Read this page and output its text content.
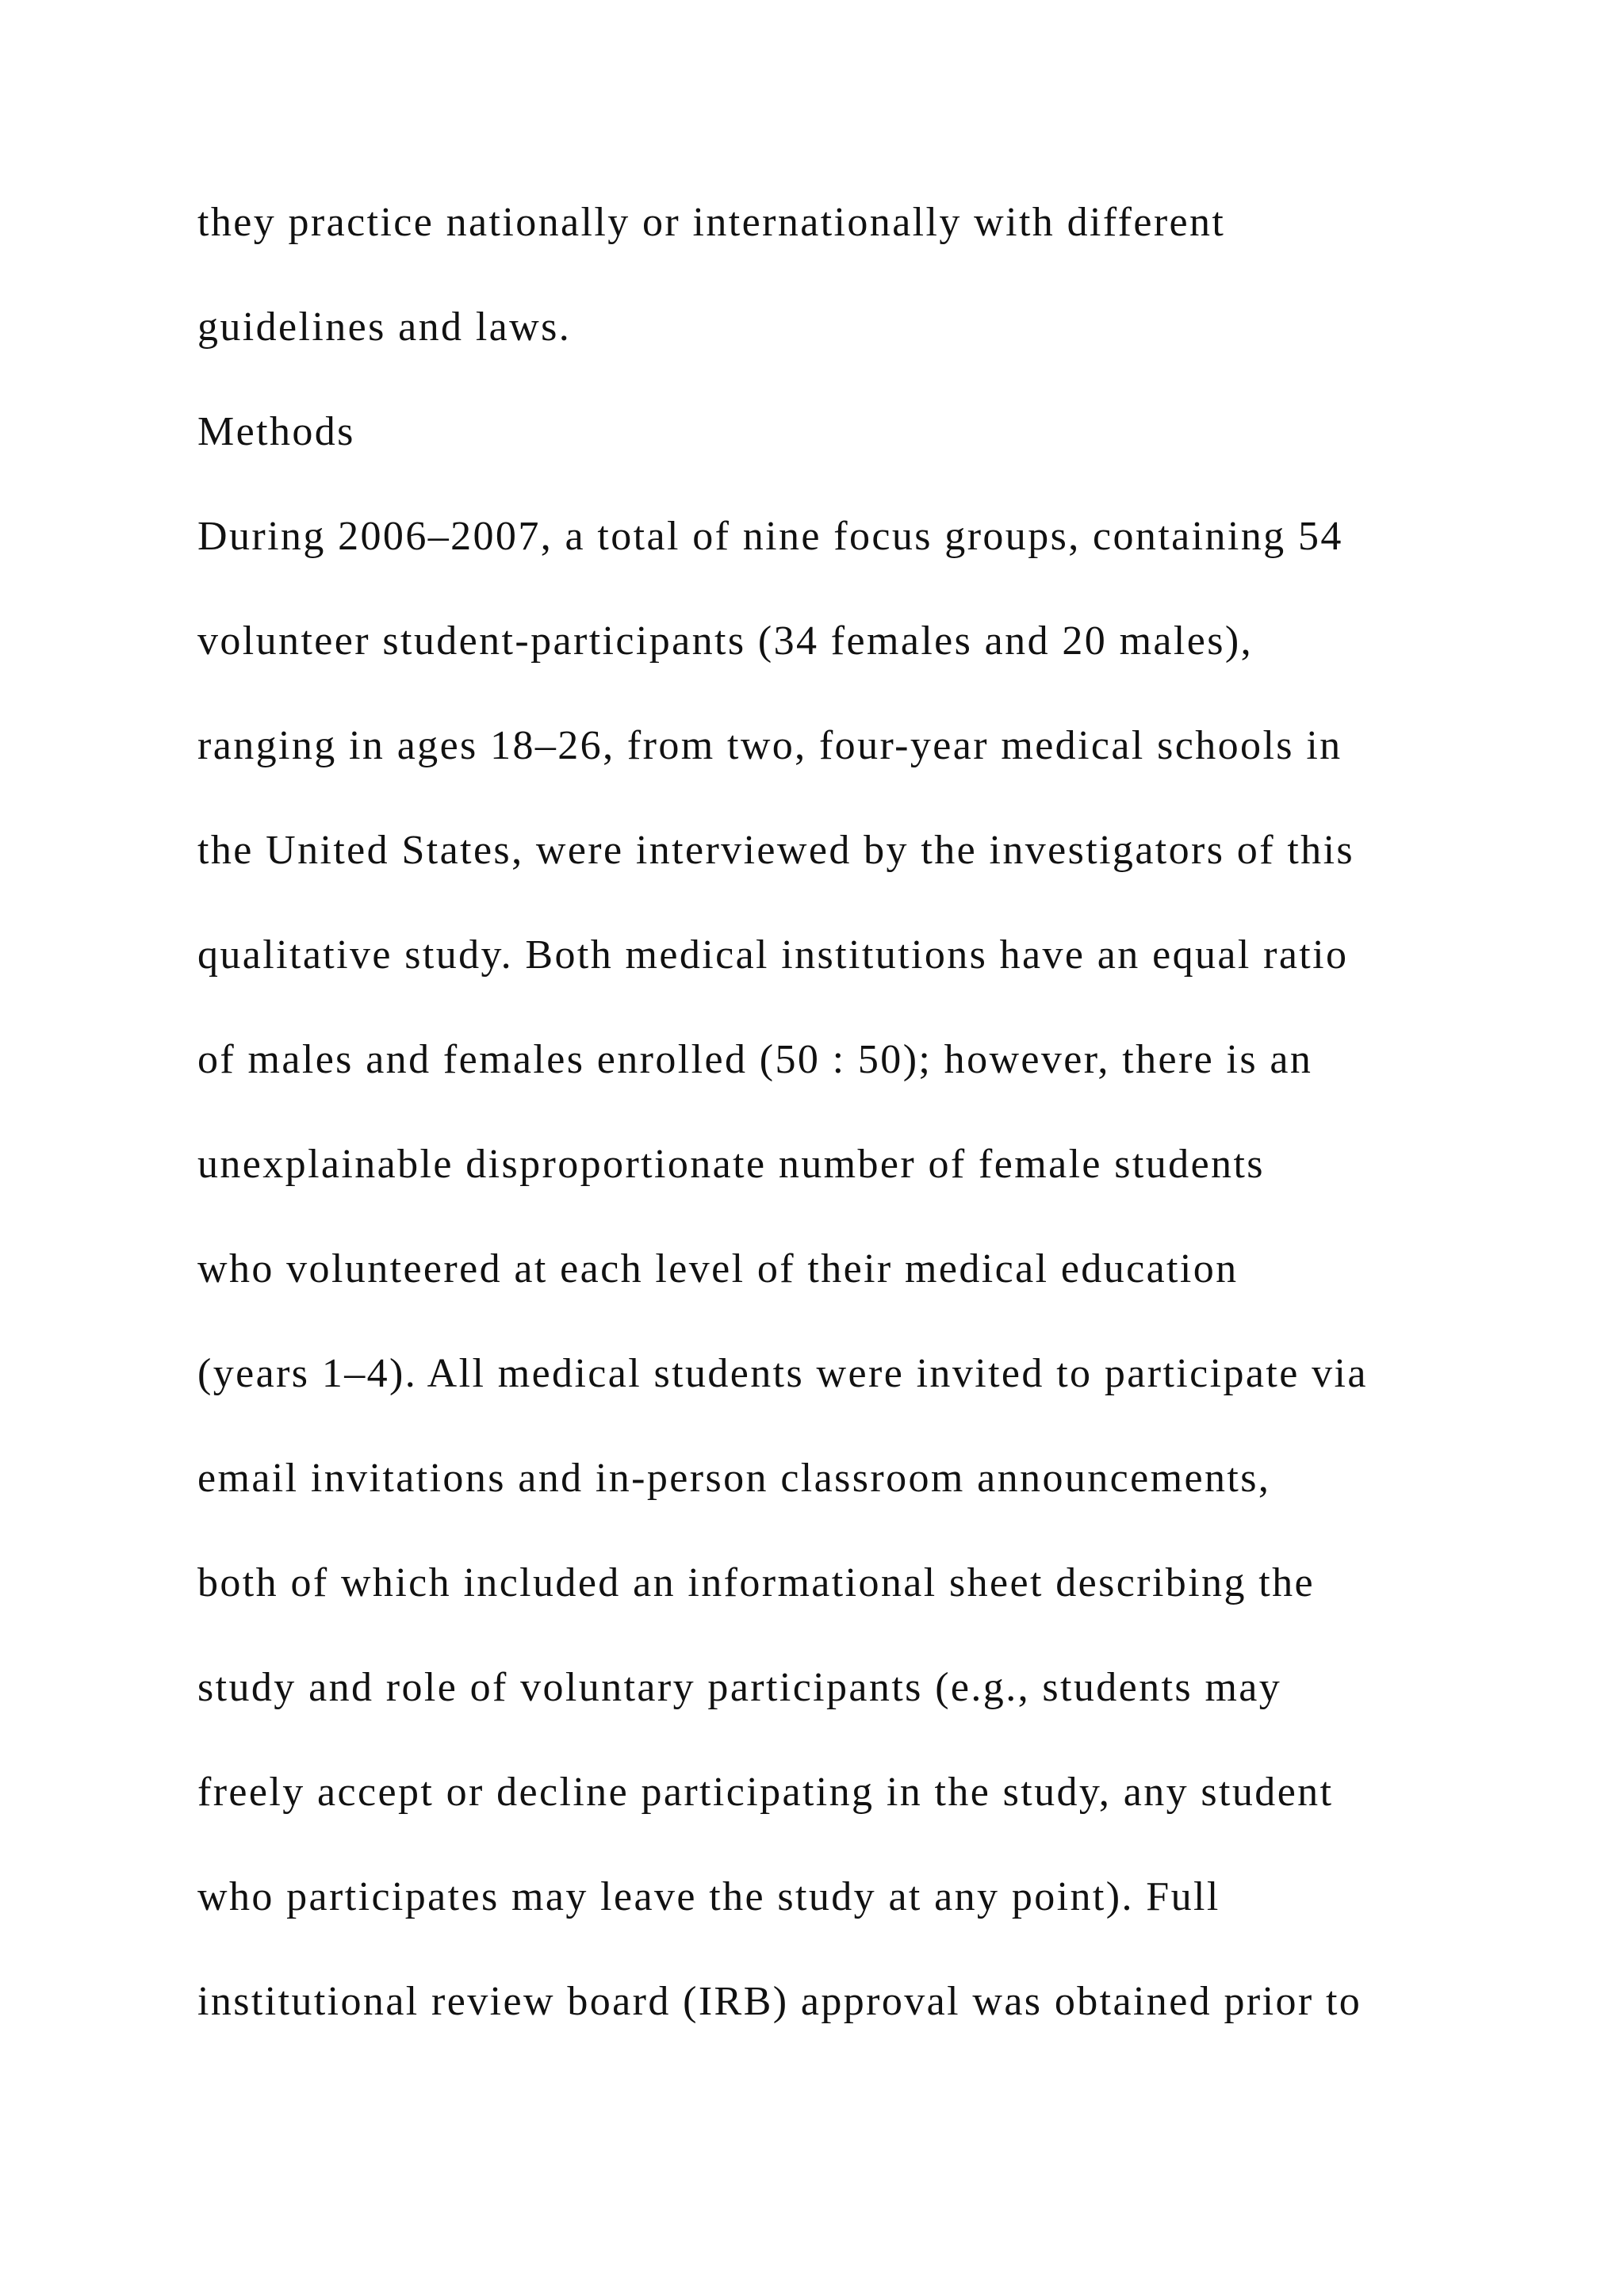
they practice nationally or internationally with different
guidelines and laws.
Methods
During 2006–2007, a total of nine focus groups, containing 54
volunteer student-participants (34 females and 20 males),
ranging in ages 18–26, from two, four-year medical schools in
the United States, were interviewed by the investigators of this
qualitative study. Both medical institutions have an equal ratio
of males and females enrolled (50 : 50); however, there is an
unexplainable disproportionate number of female students
who volunteered at each level of their medical education
(years 1–4). All medical students were invited to participate via
email invitations and in-person classroom announcements,
both of which included an informational sheet describing the
study and role of voluntary participants (e.g., students may
freely accept or decline participating in the study, any student
who participates may leave the study at any point). Full
institutional review board (IRB) approval was obtained prior to
